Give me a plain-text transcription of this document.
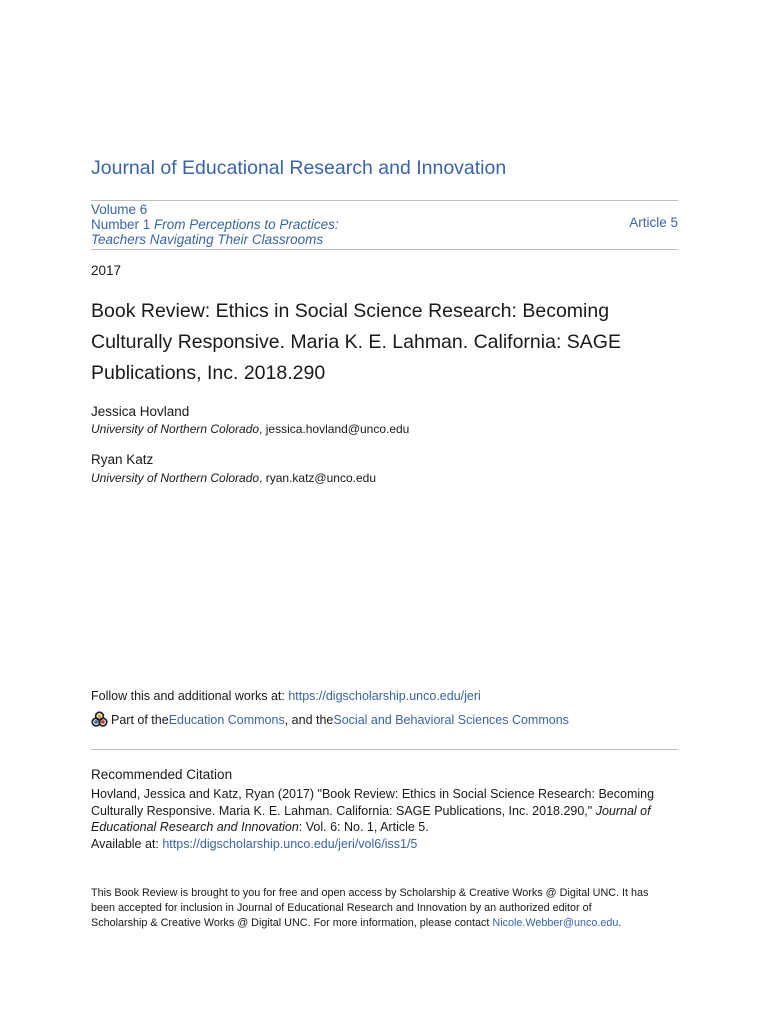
Journal of Educational Research and Innovation
Volume 6
Number 1 From Perceptions to Practices:
Teachers Navigating Their Classrooms
Article 5
2017
Book Review: Ethics in Social Science Research: Becoming
Culturally Responsive. Maria K. E. Lahman. California: SAGE
Publications, Inc. 2018.290
Jessica Hovland
University of Northern Colorado, jessica.hovland@unco.edu
Ryan Katz
University of Northern Colorado, ryan.katz@unco.edu
Follow this and additional works at: https://digscholarship.unco.edu/jeri
Part of the Education Commons , and the Social and Behavioral Sciences Commons
Recommended Citation
Hovland, Jessica and Katz, Ryan (2017) "Book Review: Ethics in Social Science Research: Becoming
Culturally Responsive. Maria K. E. Lahman. California: SAGE Publications, Inc. 2018.290," Journal of
Educational Research and Innovation: Vol. 6: No. 1, Article 5.
Available at: https://digscholarship.unco.edu/jeri/vol6/iss1/5
This Book Review is brought to you for free and open access by Scholarship & Creative Works @ Digital UNC. It has
been accepted for inclusion in Journal of Educational Research and Innovation by an authorized editor of
Scholarship & Creative Works @ Digital UNC. For more information, please contact Nicole.Webber@unco.edu.
